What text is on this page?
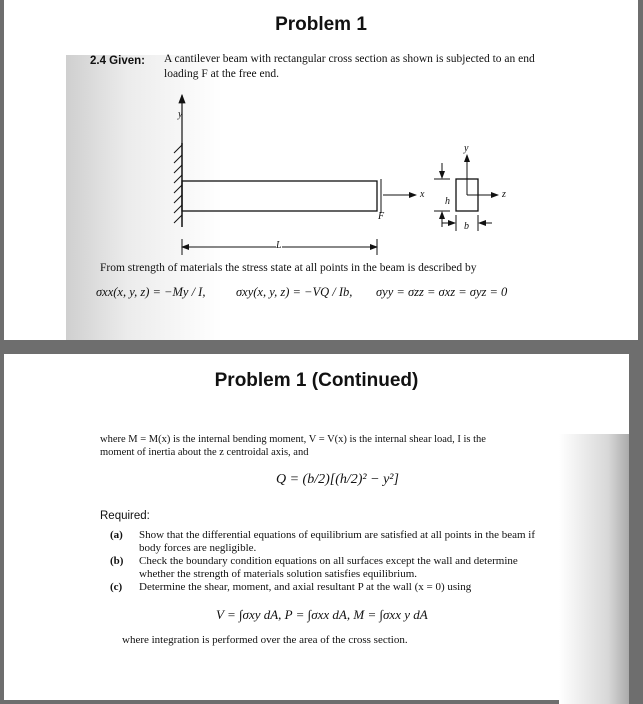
Problem 1
2.4 Given: A cantilever beam with rectangular cross section as shown is subjected to an end
loading F at the free end.
y
y
x
h
z
F
b
L
From strength of materials the stress state at all points in the beam is described by
σxx(x, y, z) = −My / I, σxy(x, y, z) = −VQ / Ib, σyy = σzz = σxz = σyz = 0
Problem 1 (Continued)
where M = M(x) is the internal bending moment, V = V(x) is the internal shear load, I is the
moment of inertia about the z centroidal axis, and
Q = (b/2)[(h/2)² − y²]
Required:
(a) Show that the differential equations of equilibrium are satisfied at all points in the beam if
body forces are negligible.
(b) Check the boundary condition equations on all surfaces except the wall and determine
whether the strength of materials solution satisfies equilibrium.
(c) Determine the shear, moment, and axial resultant P at the wall (x = 0) using
V = ∫σxy dA, P = ∫σxx dA, M = ∫σxx y dA
where integration is performed over the area of the cross section.
